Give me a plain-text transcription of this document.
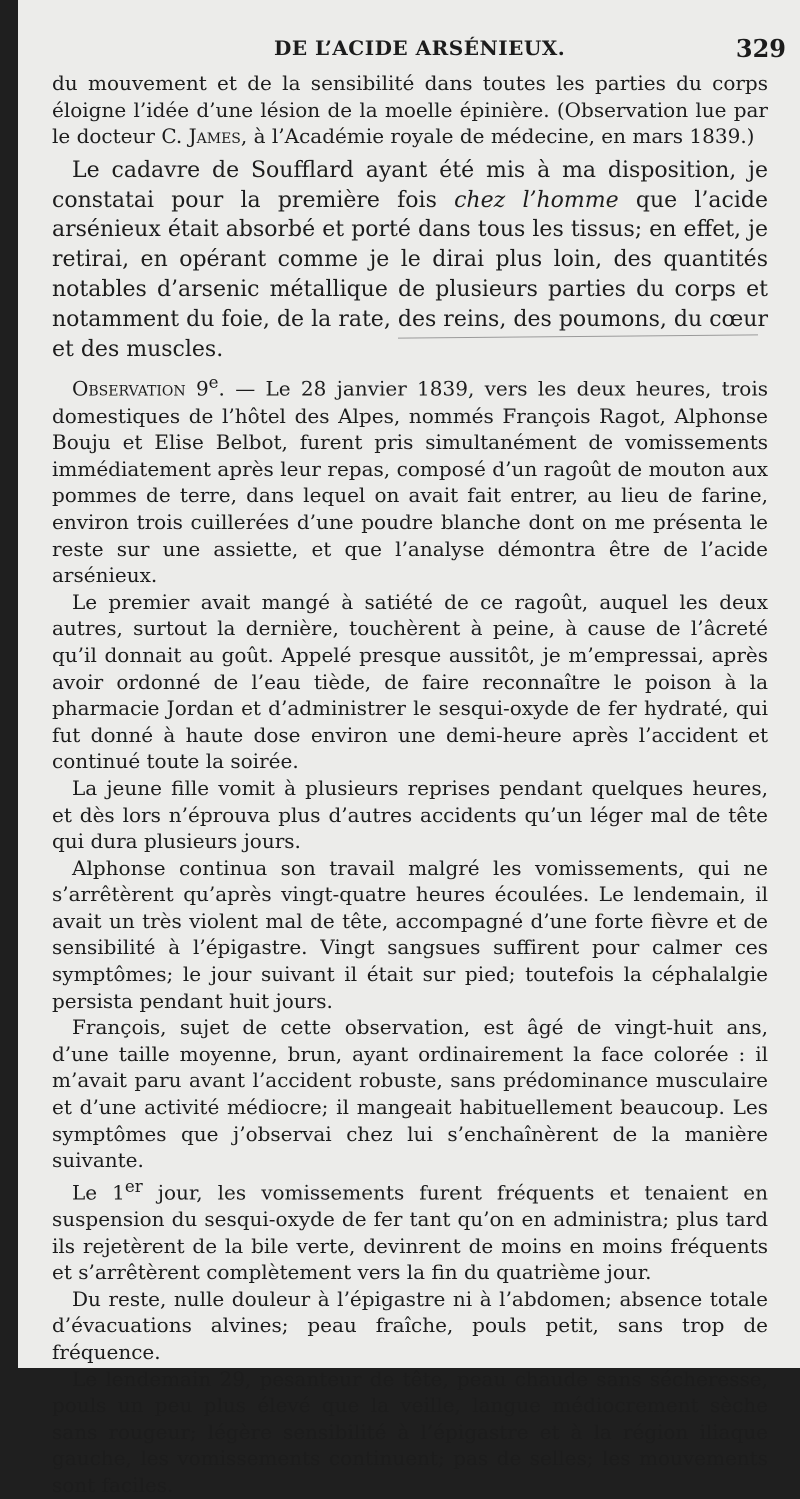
DE L’ACIDE ARSÉNIEUX.	329

du mouvement et de la sensibilité dans toutes les parties du corps éloigne l’idée d’une lésion de la moelle épinière. (Observation lue par le docteur C. James, à l’Académie royale de médecine, en mars 1839.)

Le cadavre de Soufflard ayant été mis à ma disposition, je constatai pour la première fois chez l’homme que l’acide arsénieux était absorbé et porté dans tous les tissus; en effet, je retirai, en opérant comme je le dirai plus loin, des quantités notables d’arsenic métallique de plusieurs parties du corps et notamment du foie, de la rate, des reins, des poumons, du cœur et des muscles.

Observation 9e. — Le 28 janvier 1839, vers les deux heures, trois domestiques de l’hôtel des Alpes, nommés François Ragot, Alphonse Bouju et Elise Belbot, furent pris simultanément de vomissements immédiatement après leur repas, composé d’un ragoût de mouton aux pommes de terre, dans lequel on avait fait entrer, au lieu de farine, environ trois cuillerées d’une poudre blanche dont on me présenta le reste sur une assiette, et que l’analyse démontra être de l’acide arsénieux.

Le premier avait mangé à satiété de ce ragoût, auquel les deux autres, surtout la dernière, touchèrent à peine, à cause de l’âcreté qu’il donnait au goût. Appelé presque aussitôt, je m’empressai, après avoir ordonné de l’eau tiède, de faire reconnaître le poison à la pharmacie Jordan et d’administrer le sesqui-oxyde de fer hydraté, qui fut donné à haute dose environ une demi-heure après l’accident et continué toute la soirée.

La jeune fille vomit à plusieurs reprises pendant quelques heures, et dès lors n’éprouva plus d’autres accidents qu’un léger mal de tête qui dura plusieurs jours.

Alphonse continua son travail malgré les vomissements, qui ne s’arrêtèrent qu’après vingt-quatre heures écoulées. Le lendemain, il avait un très violent mal de tête, accompagné d’une forte fièvre et de sensibilité à l’épigastre. Vingt sangsues suffirent pour calmer ces symptômes; le jour suivant il était sur pied; toutefois la céphalalgie persista pendant huit jours.

François, sujet de cette observation, est âgé de vingt-huit ans, d’une taille moyenne, brun, ayant ordinairement la face colorée : il m’avait paru avant l’accident robuste, sans prédominance musculaire et d’une activité médiocre; il mangeait habituellement beaucoup. Les symptômes que j’observai chez lui s’enchaînèrent de la manière suivante.

Le 1er jour, les vomissements furent fréquents et tenaient en suspension du sesqui-oxyde de fer tant qu’on en administra; plus tard ils rejetèrent de la bile verte, devinrent de moins en moins fréquents et s’arrêtèrent complètement vers la fin du quatrième jour.

Du reste, nulle douleur à l’épigastre ni à l’abdomen; absence totale d’évacuations alvines; peau fraîche, pouls petit, sans trop de fréquence.

Le lendemain 29, pesanteur de tête, peau chaude sans sécheresse, pouls un peu plus élevé que la veille, langue médiocrement sèche sans rougeur; légère sensibilité à l’épigastre et à la région iliaque gauche, les vomissements continuent; pas de selles; les mouvements sont faciles.
